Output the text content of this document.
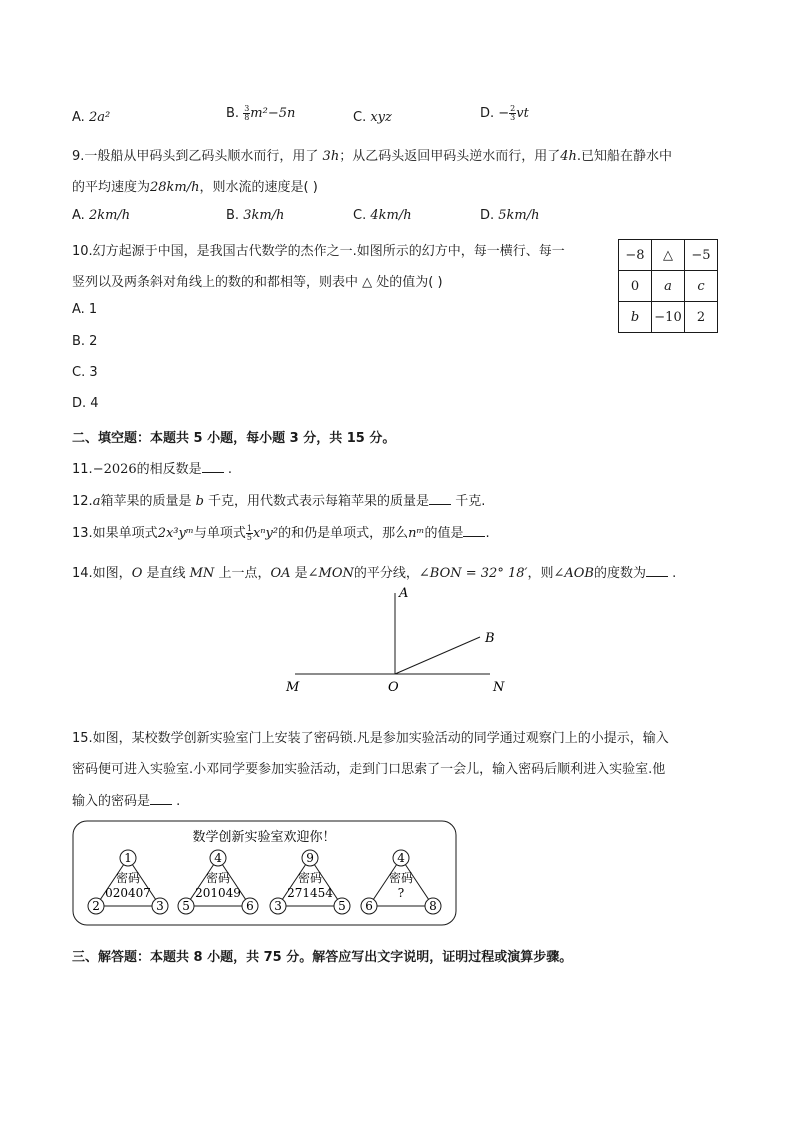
A. 2a²	B. $\frac{3}{8} m^2-5n$	C. xyz	D. − $\frac{2}{3}$ vt
9.一般船从甲码头到乙码头顺水而行，用了 3h；从乙码头返回甲码头逆水而行，用了4h.已知船在静水中
的平均速度为28km/h，则水流的速度是( )
A. 2km/h	B. 3km/h	C. 4km/h	D. 5km/h
10.幻方起源于中国，是我国古代数学的杰作之一.如图所示的幻方中，每一横行、每一
竖列以及两条斜对角线上的数的和都相等，则表中 △ 处的值为( )
A. 1
B. 2
C. 3
D. 4
−8	△	−5
0	a	c
b	−10	2
二、填空题：本题共 5 小题，每小题 3 分，共 15 分。
11.−2026的相反数是 .
12.a箱苹果的质量是 b 千克，用代数式表示每箱苹果的质量是 千克.
13.如果单项式2x³yᵐ与单项式 $\frac{1}{5} x^ny^2$的和仍是单项式，那么nᵐ的值是 .
14.如图，O 是直线 MN 上一点，OA 是∠MON的平分线，∠BON = 32° 18′，则∠AOB的度数为 .
A
B
M	O	N
15.如图，某校数学创新实验室门上安装了密码锁.凡是参加实验活动的同学通过观察门上的小提示，输入
密码便可进入实验室.小邓同学要参加实验活动，走到门口思索了一会儿，输入密码后顺利进入实验室.他
输入的密码是 .
数学创新实验室欢迎你！
1
2	3
密码
020407
4
5	6
密码
201049
9
3	5
密码
271454
4
6	8
密码
?
三、解答题：本题共 8 小题，共 75 分。解答应写出文字说明，证明过程或演算步骤。
